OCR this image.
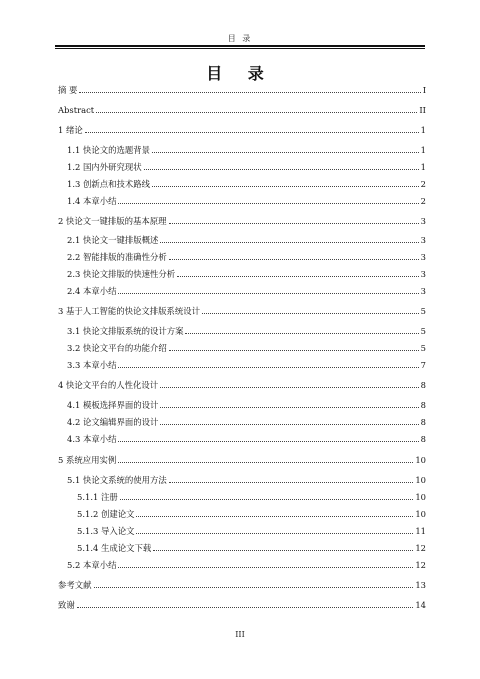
目 录
目 录
摘 要	I
Abstract	II
1 绪论	1
1.1 快论文的选题背景	1
1.2 国内外研究现状	1
1.3 创新点和技术路线	2
1.4 本章小结	2
2 快论文一键排版的基本原理	3
2.1 快论文一键排版概述	3
2.2 智能排版的准确性分析	3
2.3 快论文排版的快速性分析	3
2.4 本章小结	3
3 基于人工智能的快论文排版系统设计	5
3.1 快论文排版系统的设计方案	5
3.2 快论文平台的功能介绍	5
3.3 本章小结	7
4 快论文平台的人性化设计	8
4.1 模板选择界面的设计	8
4.2 论文编辑界面的设计	8
4.3 本章小结	8
5 系统应用实例	10
5.1 快论文系统的使用方法	10
5.1.1 注册	10
5.1.2 创建论文	10
5.1.3 导入论文	11
5.1.4 生成论文下载	12
5.2 本章小结	12
参考文献	13
致谢	14
III
